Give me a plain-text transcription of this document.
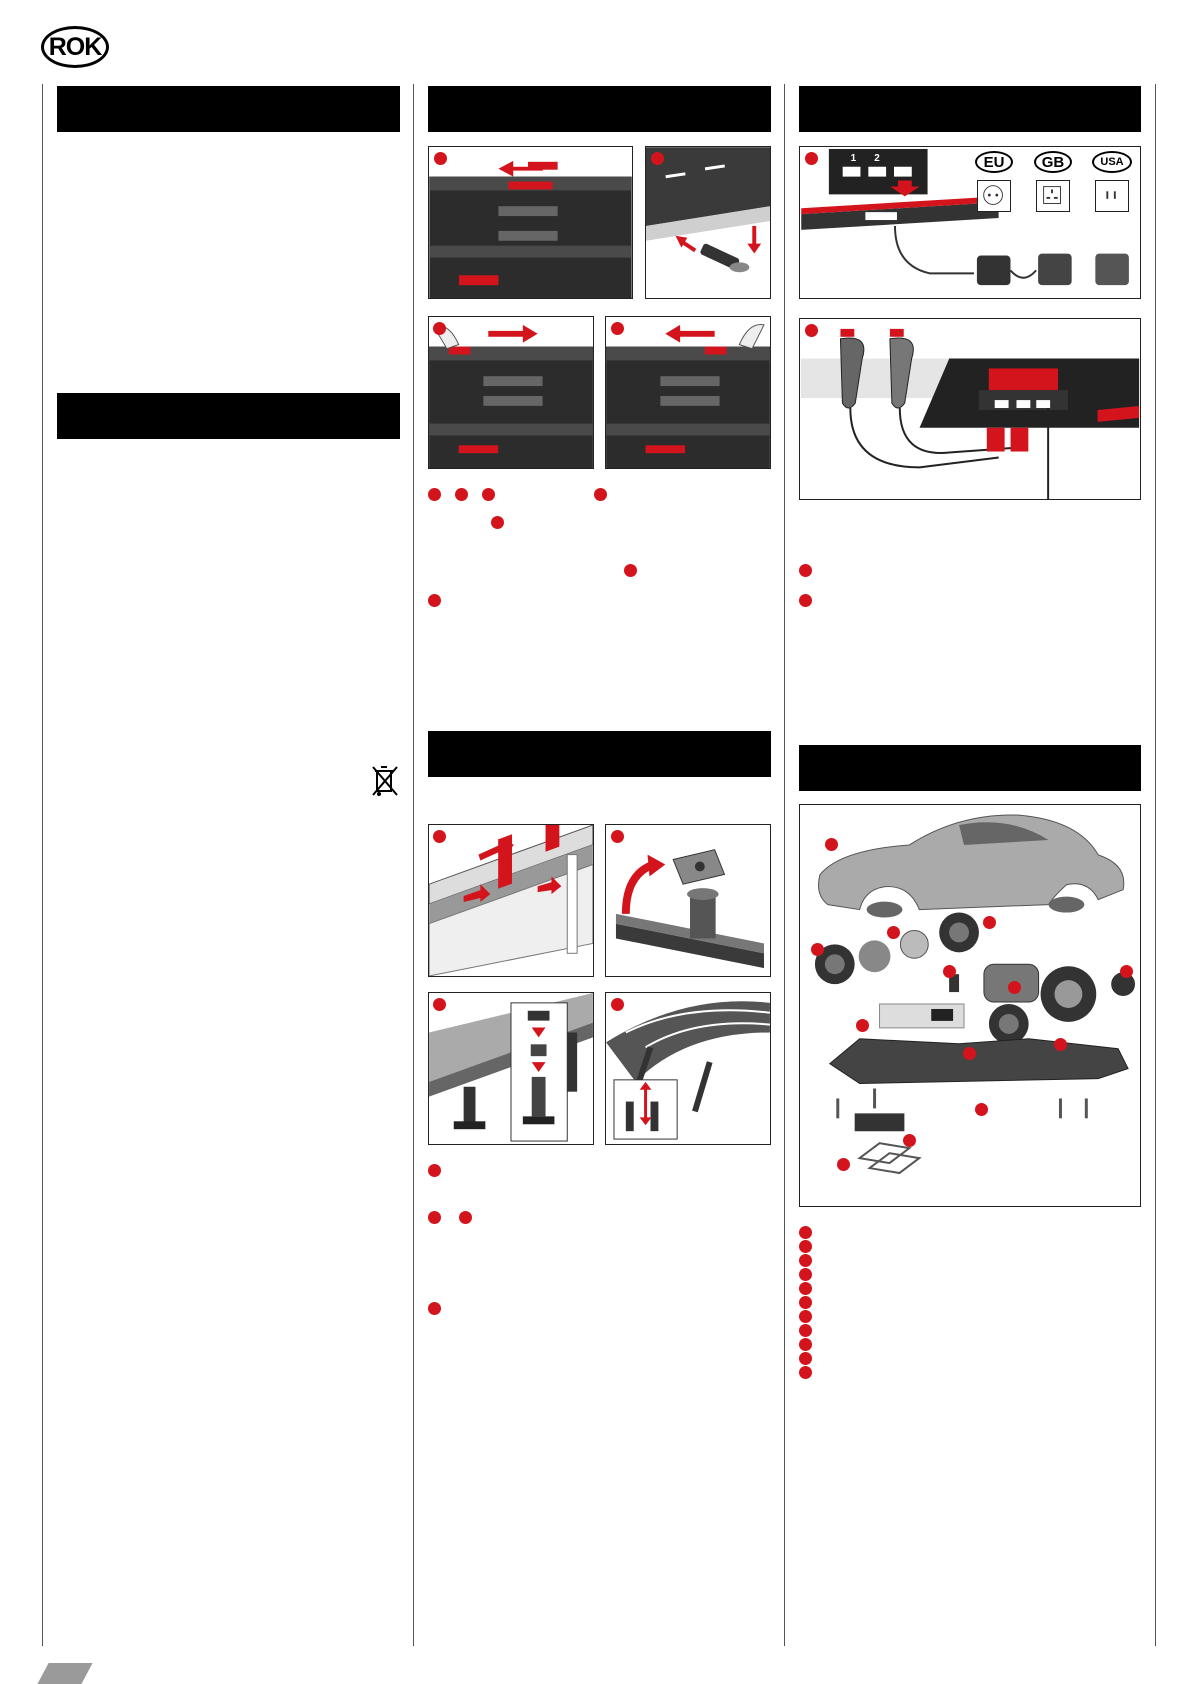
ROK
1 2	EU GB	USA
